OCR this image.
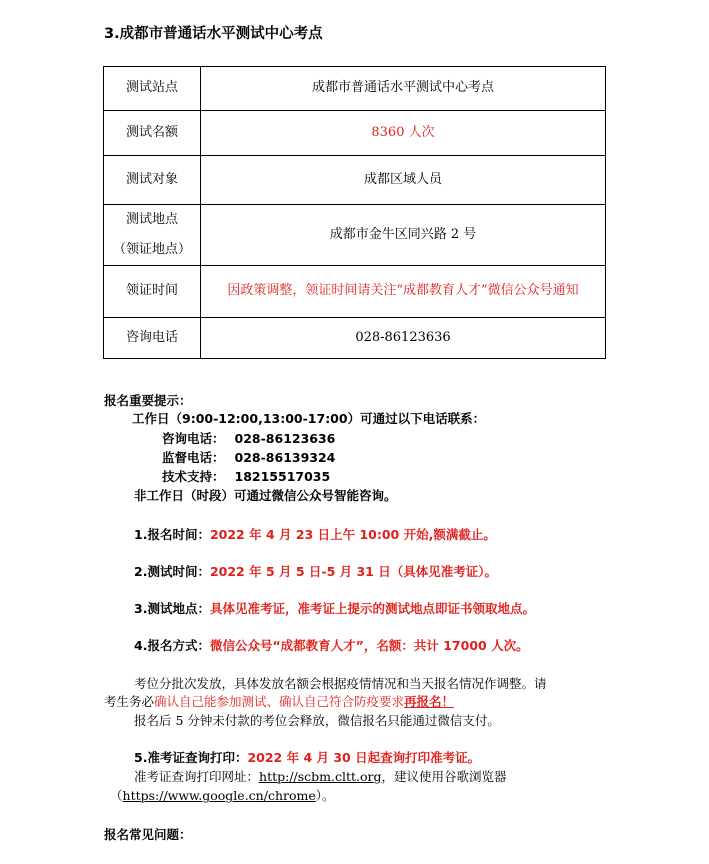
3.成都市普通话水平测试中心考点
测试站点	成都市普通话水平测试中心考点
测试名额	8360 人次
测试对象	成都区域人员

测试地点
（领证地点）	成都市金牛区同兴路 2 号
领证时间	因政策调整，领证时间请关注“成都教育人才”微信公众号通知
咨询电话	028-86123636
报名重要提示：
工作日（9:00-12:00,13:00-17:00）可通过以下电话联系：
咨询电话： 028-86123636
监督电话： 028-86139324
技术支持： 18215517035
非工作日（时段）可通过微信公众号智能咨询。
1.报名时间：2022 年 4 月 23 日上午 10:00 开始,额满截止。
2.测试时间：2022 年 5 月 5 日-5 月 31 日（具体见准考证）。
3.测试地点：具体见准考证，准考证上提示的测试地点即证书领取地点。
4.报名方式：微信公众号“成都教育人才”，名额：共计 17000 人次。
考位分批次发放，具体发放名额会根据疫情情况和当天报名情况作调整。请
考生务必确认自己能参加测试、确认自己符合防疫要求再报名！
报名后 5 分钟未付款的考位会释放，微信报名只能通过微信支付。
5.准考证查询打印：2022 年 4 月 30 日起查询打印准考证。
准考证查询打印网址：http://scbm.cltt.org，建议使用谷歌浏览器
（https://www.google.cn/chrome）。
报名常见问题：
